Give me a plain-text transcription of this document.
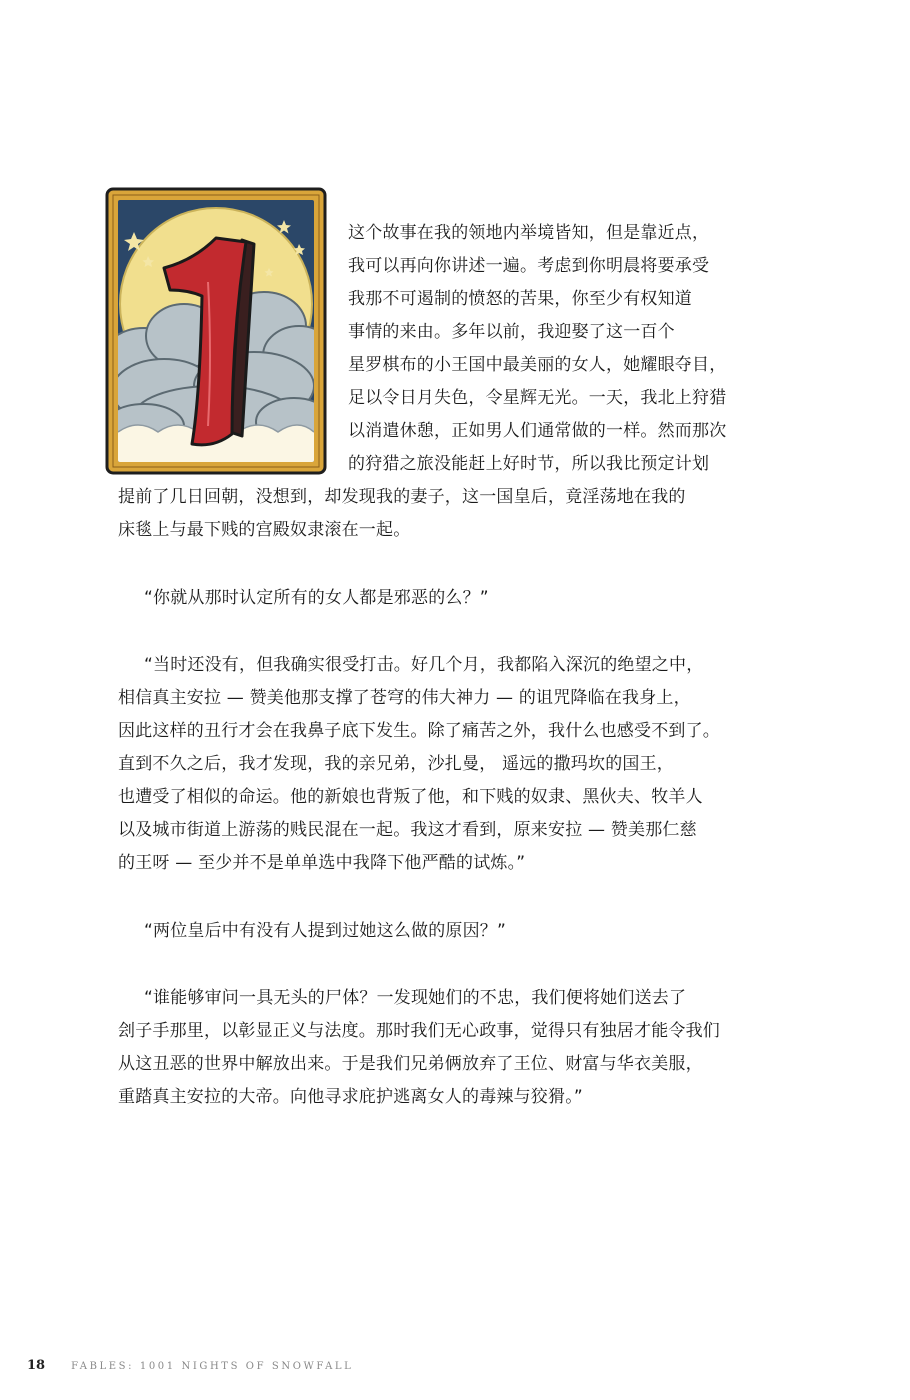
这个故事在我的领地内举境皆知，但是靠近点，
我可以再向你讲述一遍。考虑到你明晨将要承受
我那不可遏制的愤怒的苦果，你至少有权知道
事情的来由。多年以前，我迎娶了这一百个
星罗棋布的小王国中最美丽的女人，她耀眼夺目，
足以令日月失色，令星辉无光。一天，我北上狩猎
以消遣休憩，正如男人们通常做的一样。然而那次
的狩猎之旅没能赶上好时节，所以我比预定计划
提前了几日回朝，没想到，却发现我的妻子，这一国皇后，竟淫荡地在我的
床毯上与最下贱的宫殿奴隶滚在一起。
“你就从那时认定所有的女人都是邪恶的么？”
“当时还没有，但我确实很受打击。好几个月，我都陷入深沉的绝望之中，
相信真主安拉 — 赞美他那支撑了苍穹的伟大神力 — 的诅咒降临在我身上，
因此这样的丑行才会在我鼻子底下发生。除了痛苦之外，我什么也感受不到了。
直到不久之后，我才发现，我的亲兄弟，沙扎曼， 遥远的撒玛坎的国王，
也遭受了相似的命运。他的新娘也背叛了他，和下贱的奴隶、黑伙夫、牧羊人
以及城市街道上游荡的贱民混在一起。我这才看到，原来安拉 — 赞美那仁慈
的王呀 — 至少并不是单单选中我降下他严酷的试炼。”
“两位皇后中有没有人提到过她这么做的原因？”
“谁能够审问一具无头的尸体？一发现她们的不忠，我们便将她们送去了
刽子手那里，以彰显正义与法度。那时我们无心政事，觉得只有独居才能令我们
从这丑恶的世界中解放出来。于是我们兄弟俩放弃了王位、财富与华衣美服，
重踏真主安拉的大帝。向他寻求庇护逃离女人的毒辣与狡猾。”
18	FABLES: 1001 NIGHTS OF SNOWFALL
